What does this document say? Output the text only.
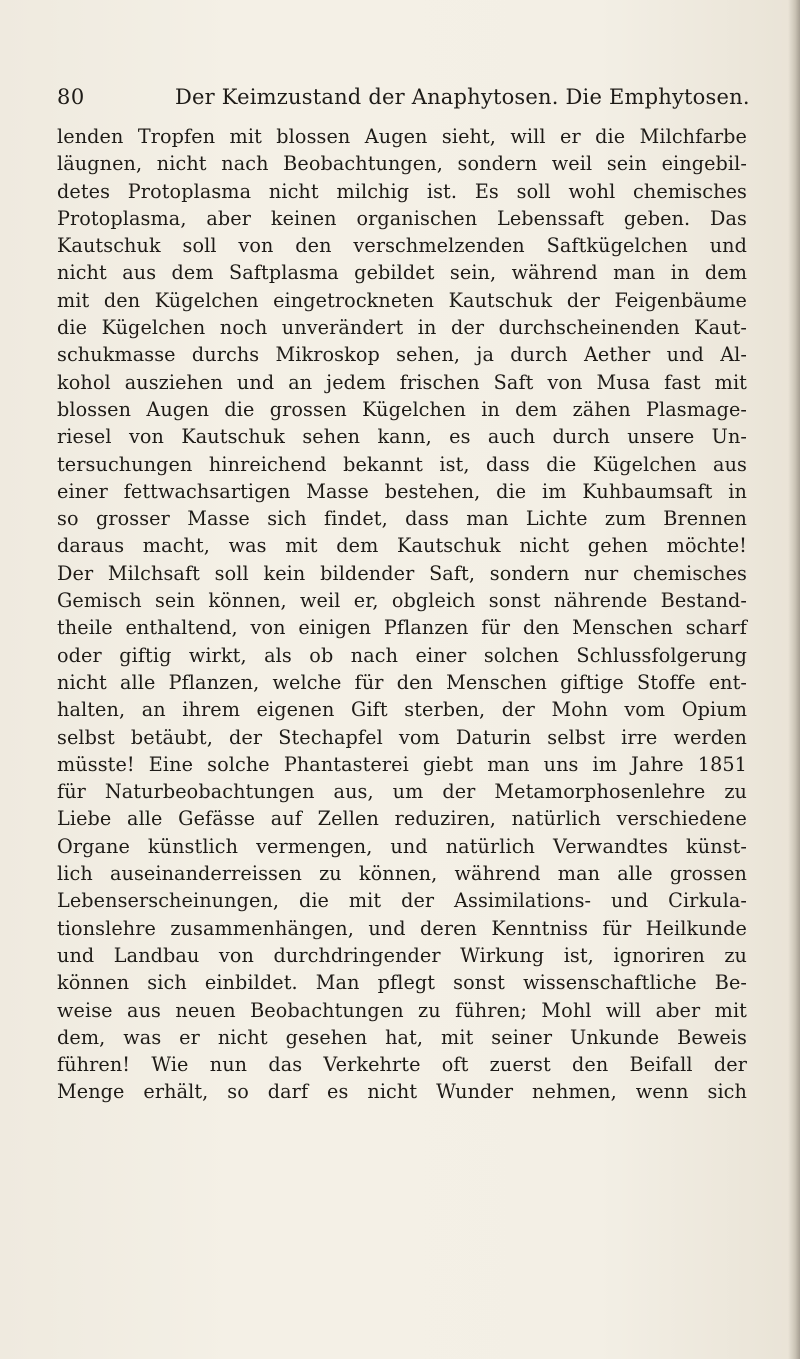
80	Der Keimzustand der Anaphytosen. Die Emphytosen.
lenden Tropfen mit blossen Augen sieht, will er die Milchfarbe
läugnen, nicht nach Beobachtungen, sondern weil sein eingebil-
detes Protoplasma nicht milchig ist. Es soll wohl chemisches
Protoplasma, aber keinen organischen Lebenssaft geben. Das
Kautschuk soll von den verschmelzenden Saftkügelchen und
nicht aus dem Saftplasma gebildet sein, während man in dem
mit den Kügelchen eingetrockneten Kautschuk der Feigenbäume
die Kügelchen noch unverändert in der durchscheinenden Kaut-
schukmasse durchs Mikroskop sehen, ja durch Aether und Al-
kohol ausziehen und an jedem frischen Saft von Musa fast mit
blossen Augen die grossen Kügelchen in dem zähen Plasmage-
riesel von Kautschuk sehen kann, es auch durch unsere Un-
tersuchungen hinreichend bekannt ist, dass die Kügelchen aus
einer fettwachsartigen Masse bestehen, die im Kuhbaumsaft in
so grosser Masse sich findet, dass man Lichte zum Brennen
daraus macht, was mit dem Kautschuk nicht gehen möchte!
Der Milchsaft soll kein bildender Saft, sondern nur chemisches
Gemisch sein können, weil er, obgleich sonst nährende Bestand-
theile enthaltend, von einigen Pflanzen für den Menschen scharf
oder giftig wirkt, als ob nach einer solchen Schlussfolgerung
nicht alle Pflanzen, welche für den Menschen giftige Stoffe ent-
halten, an ihrem eigenen Gift sterben, der Mohn vom Opium
selbst betäubt, der Stechapfel vom Daturin selbst irre werden
müsste! Eine solche Phantasterei giebt man uns im Jahre 1851
für Naturbeobachtungen aus, um der Metamorphosenlehre zu
Liebe alle Gefässe auf Zellen reduziren, natürlich verschiedene
Organe künstlich vermengen, und natürlich Verwandtes künst-
lich auseinanderreissen zu können, während man alle grossen
Lebenserscheinungen, die mit der Assimilations- und Cirkula-
tionslehre zusammenhängen, und deren Kenntniss für Heilkunde
und Landbau von durchdringender Wirkung ist, ignoriren zu
können sich einbildet. Man pflegt sonst wissenschaftliche Be-
weise aus neuen Beobachtungen zu führen; Mohl will aber mit
dem, was er nicht gesehen hat, mit seiner Unkunde Beweis
führen! Wie nun das Verkehrte oft zuerst den Beifall der
Menge erhält, so darf es nicht Wunder nehmen, wenn sich
